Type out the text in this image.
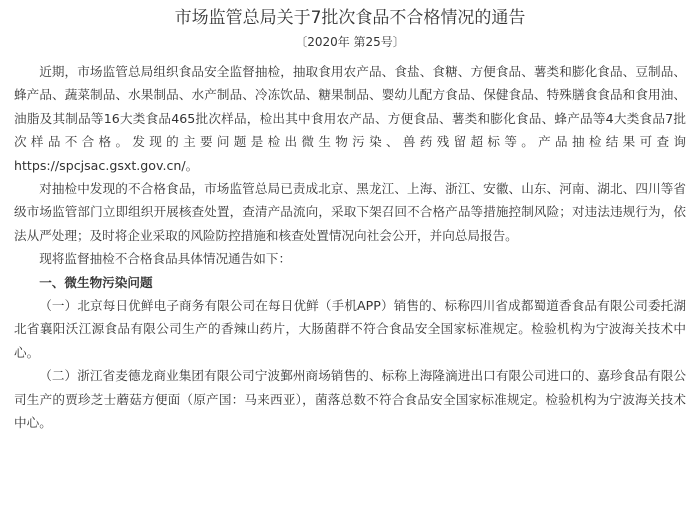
市场监管总局关于7批次食品不合格情况的通告
〔2020年 第25号〕

近期，市场监管总局组织食品安全监督抽检，抽取食用农产品、食盐、食糖、方便食品、薯类和膨化食品、豆制品、蜂产品、蔬菜制品、水果制品、水产制品、冷冻饮品、糖果制品、婴幼儿配方食品、保健食品、特殊膳食食品和食用油、油脂及其制品等16大类食品465批次样品，检出其中食用农产品、方便食品、薯类和膨化食品、蜂产品等4大类食品7批次样品不合格。发现的主要问题是检出微生物污染、兽药残留超标等。产品抽检结果可查询https://spcjsac.gsxt.gov.cn/。

对抽检中发现的不合格食品，市场监管总局已责成北京、黑龙江、上海、浙江、安徽、山东、河南、湖北、四川等省级市场监管部门立即组织开展核查处置，查清产品流向，采取下架召回不合格产品等措施控制风险；对违法违规行为，依法从严处理；及时将企业采取的风险防控措施和核查处置情况向社会公开，并向总局报告。

现将监督抽检不合格食品具体情况通告如下：

一、微生物污染问题

（一）北京每日优鲜电子商务有限公司在每日优鲜（手机APP）销售的、标称四川省成都蜀道香食品有限公司委托湖北省襄阳沃江源食品有限公司生产的香辣山药片，大肠菌群不符合食品安全国家标准规定。检验机构为宁波海关技术中心。

（二）浙江省麦德龙商业集团有限公司宁波鄞州商场销售的、标称上海隆滴进出口有限公司进口的、嘉珍食品有限公司生产的贾珍芝士蘑菇方便面（原产国：马来西亚），菌落总数不符合食品安全国家标准规定。检验机构为宁波海关技术中心。
